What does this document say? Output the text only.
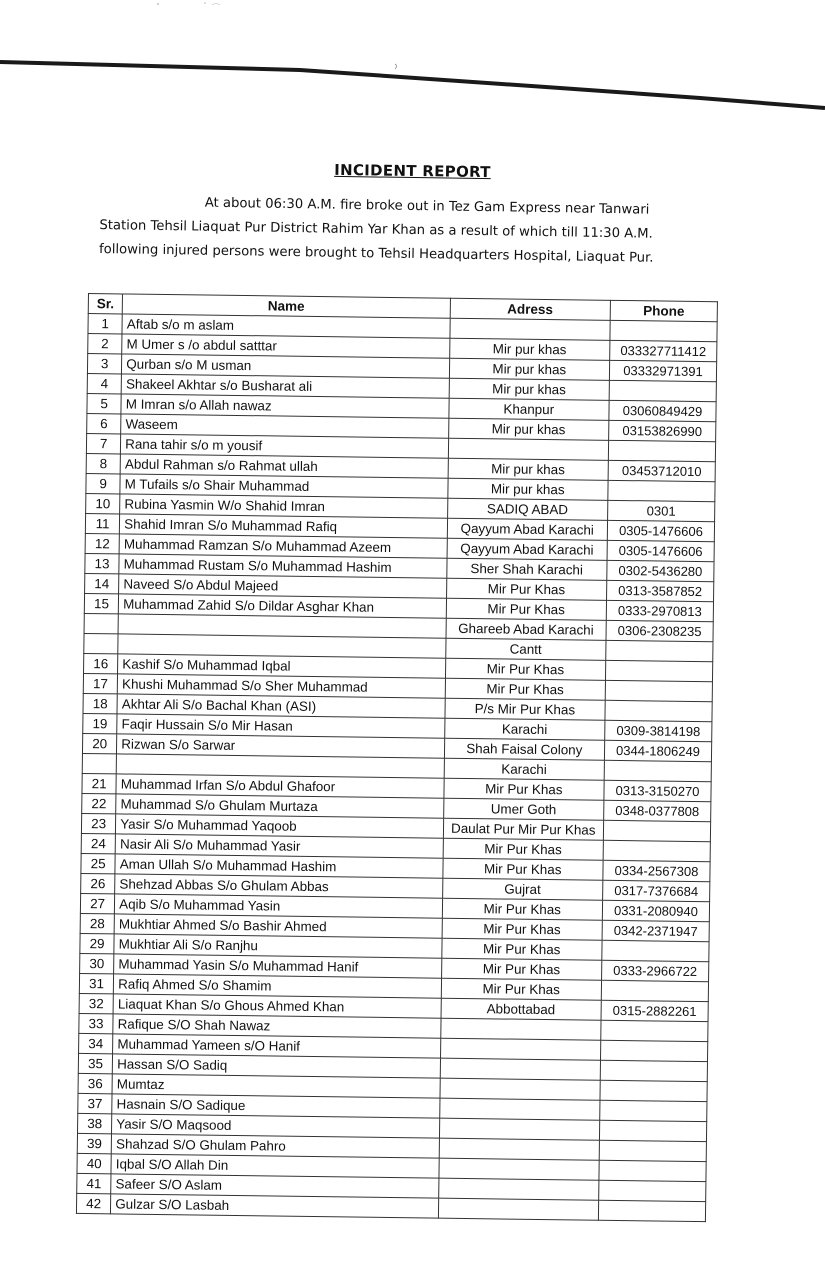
INCIDENT REPORT
At about 06:30 A.M. fire broke out in Tez Gam Express near Tanwari
Station Tehsil Liaquat Pur District Rahim Yar Khan as a result of which till 11:30 A.M.
following injured persons were brought to Tehsil Headquarters Hospital, Liaquat Pur.
Sr.	Name	Adress	Phone
1	Aftab s/o m aslam		
2	M Umer s /o abdul satttar	Mir pur khas	033327711412
3	Qurban s/o M usman	Mir pur khas	03332971391
4	Shakeel Akhtar s/o Busharat ali	Mir pur khas	
5	M Imran s/o Allah nawaz	Khanpur	03060849429
6	Waseem	Mir pur khas	03153826990
7	Rana tahir s/o m yousif		
8	Abdul Rahman s/o Rahmat ullah	Mir pur khas	03453712010
9	M Tufails s/o Shair Muhammad	Mir pur khas	
10	Rubina Yasmin W/o Shahid Imran	SADIQ ABAD	0301
11	Shahid Imran S/o Muhammad Rafiq	Qayyum Abad Karachi	0305-1476606
12	Muhammad Ramzan S/o Muhammad Azeem	Qayyum Abad Karachi	0305-1476606
13	Muhammad Rustam S/o Muhammad Hashim	Sher Shah Karachi	0302-5436280
14	Naveed S/o Abdul Majeed	Mir Pur Khas	0313-3587852
15	Muhammad Zahid S/o Dildar Asghar Khan	Mir Pur Khas	0333-2970813
		Ghareeb Abad Karachi	0306-2308235
		Cantt	
16	Kashif S/o Muhammad Iqbal	Mir Pur Khas	
17	Khushi Muhammad S/o Sher Muhammad	Mir Pur Khas	
18	Akhtar Ali S/o Bachal Khan (ASI)	P/s Mir Pur Khas	
19	Faqir Hussain S/o Mir Hasan	Karachi	0309-3814198
20	Rizwan S/o Sarwar	Shah Faisal Colony	0344-1806249
		Karachi	
21	Muhammad Irfan S/o Abdul Ghafoor	Mir Pur Khas	0313-3150270
22	Muhammad S/o Ghulam Murtaza	Umer Goth	0348-0377808
23	Yasir S/o Muhammad Yaqoob	Daulat Pur Mir Pur Khas	
24	Nasir Ali S/o Muhammad Yasir	Mir Pur Khas	
25	Aman Ullah S/o Muhammad Hashim	Mir Pur Khas	0334-2567308
26	Shehzad Abbas S/o Ghulam Abbas	Gujrat	0317-7376684
27	Aqib S/o Muhammad Yasin	Mir Pur Khas	0331-2080940
28	Mukhtiar Ahmed S/o Bashir Ahmed	Mir Pur Khas	0342-2371947
29	Mukhtiar Ali S/o Ranjhu	Mir Pur Khas	
30	Muhammad Yasin S/o Muhammad Hanif	Mir Pur Khas	0333-2966722
31	Rafiq Ahmed S/o Shamim	Mir Pur Khas	
32	Liaquat Khan S/o Ghous Ahmed Khan	Abbottabad	0315-2882261
33	Rafique S/O Shah Nawaz		
34	Muhammad Yameen s/O Hanif		
35	Hassan S/O Sadiq		
36	Mumtaz		
37	Hasnain S/O Sadique		
38	Yasir S/O Maqsood		
39	Shahzad S/O Ghulam Pahro		
40	Iqbal S/O Allah Din		
41	Safeer S/O Aslam		
42	Gulzar S/O Lasbah		
